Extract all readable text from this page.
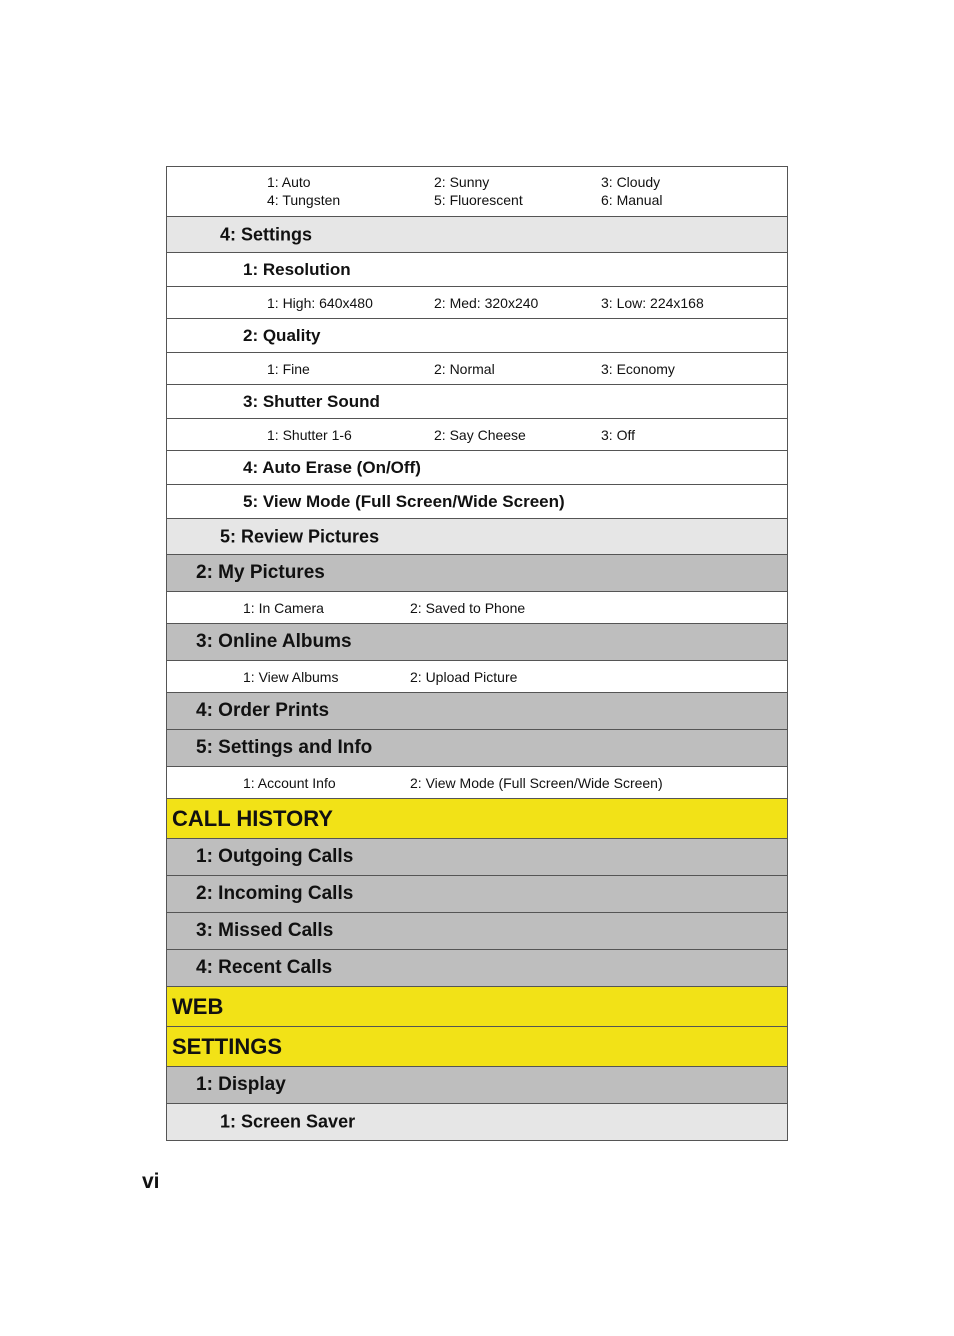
1: Auto	2: Sunny	3: Cloudy
4: Tungsten	5: Fluorescent	6: Manual
4: Settings
1: Resolution
1: High: 640x480	2: Med: 320x240	3: Low: 224x168
2: Quality
1: Fine	2: Normal	3: Economy
3: Shutter Sound
1: Shutter 1-6	2: Say Cheese	3: Off
4: Auto Erase (On/Off)
5: View Mode (Full Screen/Wide Screen)
5: Review Pictures
2: My Pictures
1: In Camera	2: Saved to Phone
3: Online Albums
1: View Albums	2: Upload Picture
4: Order Prints
5: Settings and Info
1: Account Info	2: View Mode (Full Screen/Wide Screen)
CALL HISTORY
1: Outgoing Calls
2: Incoming Calls
3: Missed Calls
4: Recent Calls
WEB
SETTINGS
1: Display
1: Screen Saver
vi
